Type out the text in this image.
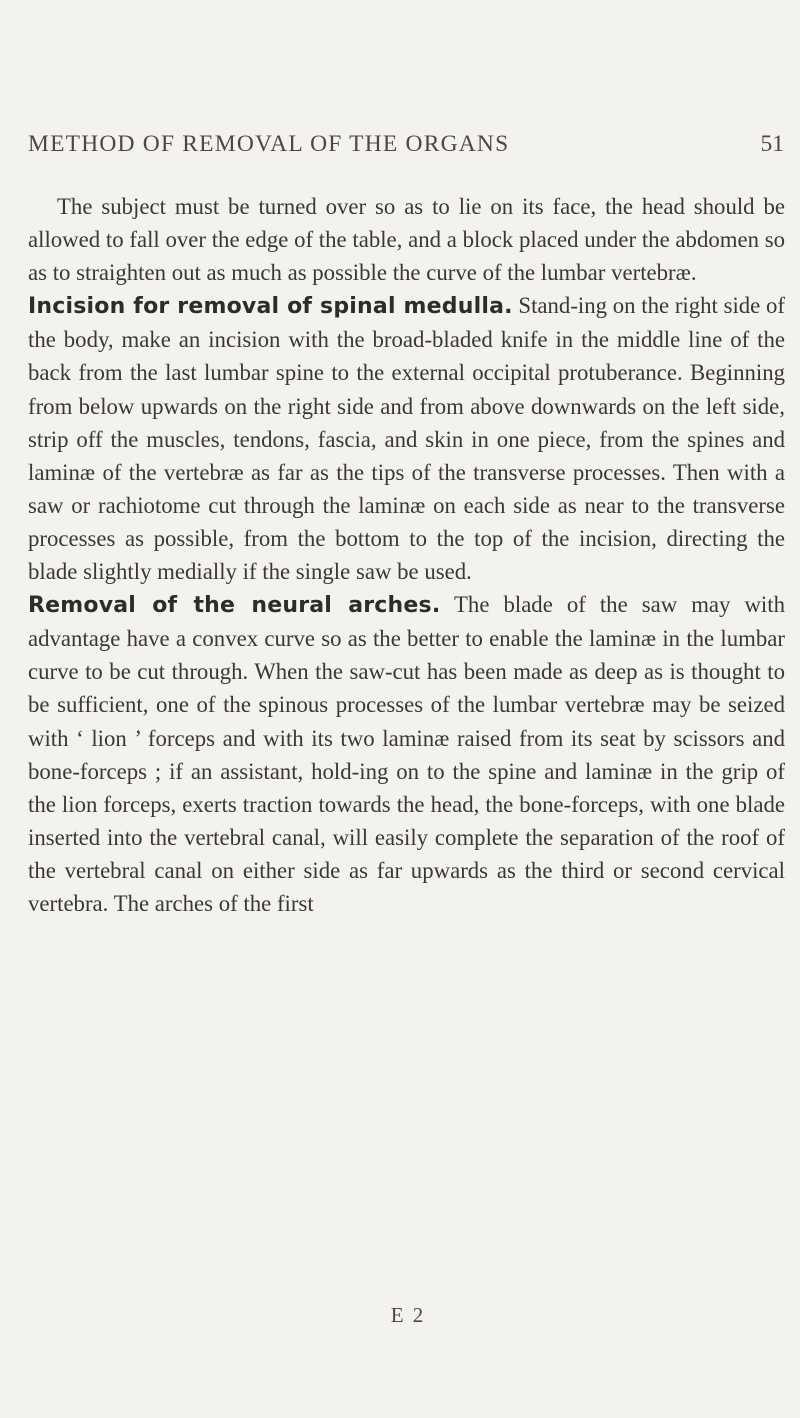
METHOD OF REMOVAL OF THE ORGANS	51

The subject must be turned over so as to lie on its face, the head should be allowed to fall over the edge of the table, and a block placed under the abdomen so as to straighten out as much as possible the curve of the lumbar vertebræ.

Incision for removal of spinal medulla. Stand-ing on the right side of the body, make an incision with the broad-bladed knife in the middle line of the back from the last lumbar spine to the external occipital protuberance. Beginning from below upwards on the right side and from above downwards on the left side, strip off the muscles, tendons, fascia, and skin in one piece, from the spines and laminæ of the vertebræ as far as the tips of the transverse processes. Then with a saw or rachiotome cut through the laminæ on each side as near to the transverse processes as possible, from the bottom to the top of the incision, directing the blade slightly medially if the single saw be used.

Removal of the neural arches. The blade of the saw may with advantage have a convex curve so as the better to enable the laminæ in the lumbar curve to be cut through. When the saw-cut has been made as deep as is thought to be sufficient, one of the spinous processes of the lumbar vertebræ may be seized with ‘ lion ’ forceps and with its two laminæ raised from its seat by scissors and bone-forceps ; if an assistant, hold-ing on to the spine and laminæ in the grip of the lion forceps, exerts traction towards the head, the bone-forceps, with one blade inserted into the vertebral canal, will easily complete the separation of the roof of the vertebral canal on either side as far upwards as the third or second cervical vertebra. The arches of the first

E 2
